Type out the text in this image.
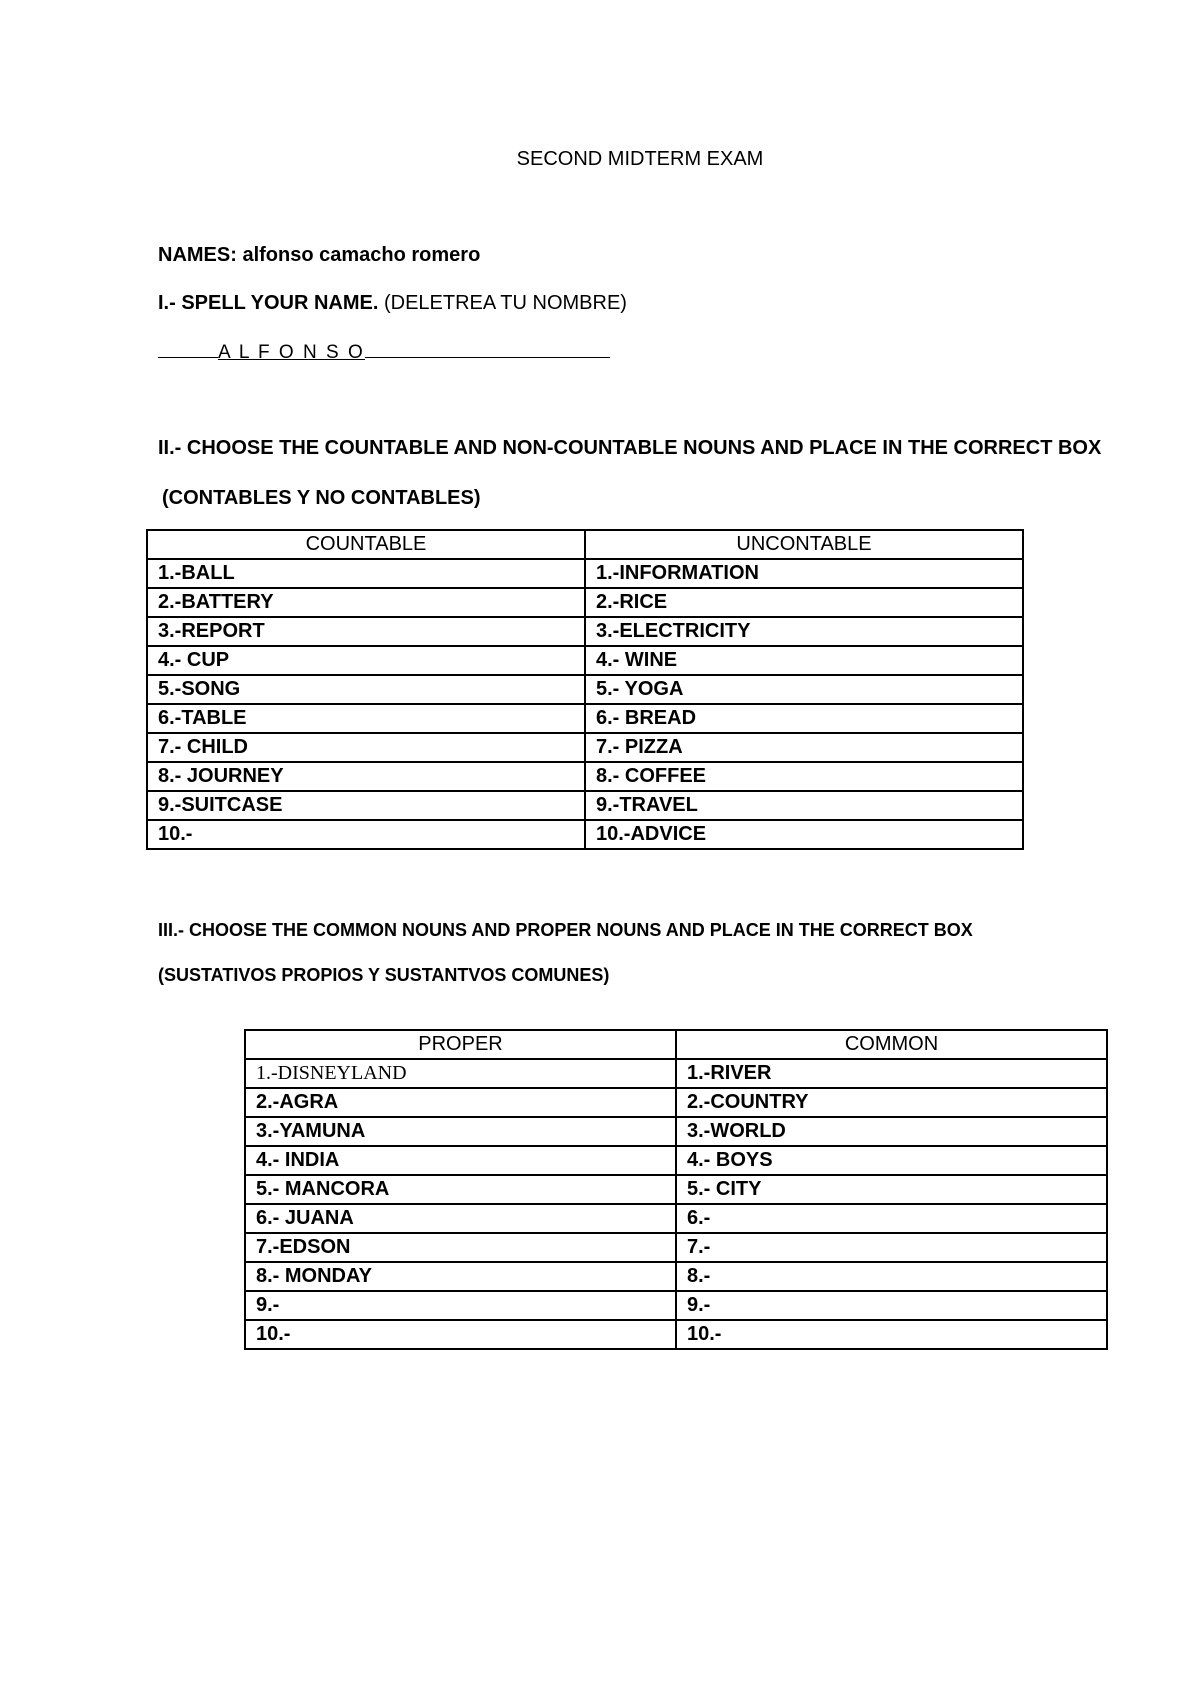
SECOND MIDTERM EXAM
NAMES: alfonso camacho romero
I.- SPELL YOUR NAME. (DELETREA TU NOMBRE)
A L F O N S O
II.- CHOOSE THE COUNTABLE AND NON-COUNTABLE NOUNS AND PLACE IN THE CORRECT BOX
(CONTABLES Y NO CONTABLES)
COUNTABLE	UNCONTABLE
1.-BALL	1.-INFORMATION
2.-BATTERY	2.-RICE
3.-REPORT	3.-ELECTRICITY
4.- CUP	4.- WINE
5.-SONG	5.- YOGA
6.-TABLE	6.- BREAD
7.- CHILD	7.- PIZZA
8.- JOURNEY	8.- COFFEE
9.-SUITCASE	9.-TRAVEL
10.-	10.-ADVICE
III.- CHOOSE THE COMMON NOUNS AND PROPER NOUNS AND PLACE IN THE CORRECT BOX
(SUSTATIVOS PROPIOS Y SUSTANTVOS COMUNES)
PROPER	COMMON
1.-DISNEYLAND	1.-RIVER
2.-AGRA	2.-COUNTRY
3.-YAMUNA	3.-WORLD
4.- INDIA	4.- BOYS
5.- MANCORA	5.- CITY
6.- JUANA	6.-
7.-EDSON	7.-
8.- MONDAY	8.-
9.-	9.-
10.-	10.-
